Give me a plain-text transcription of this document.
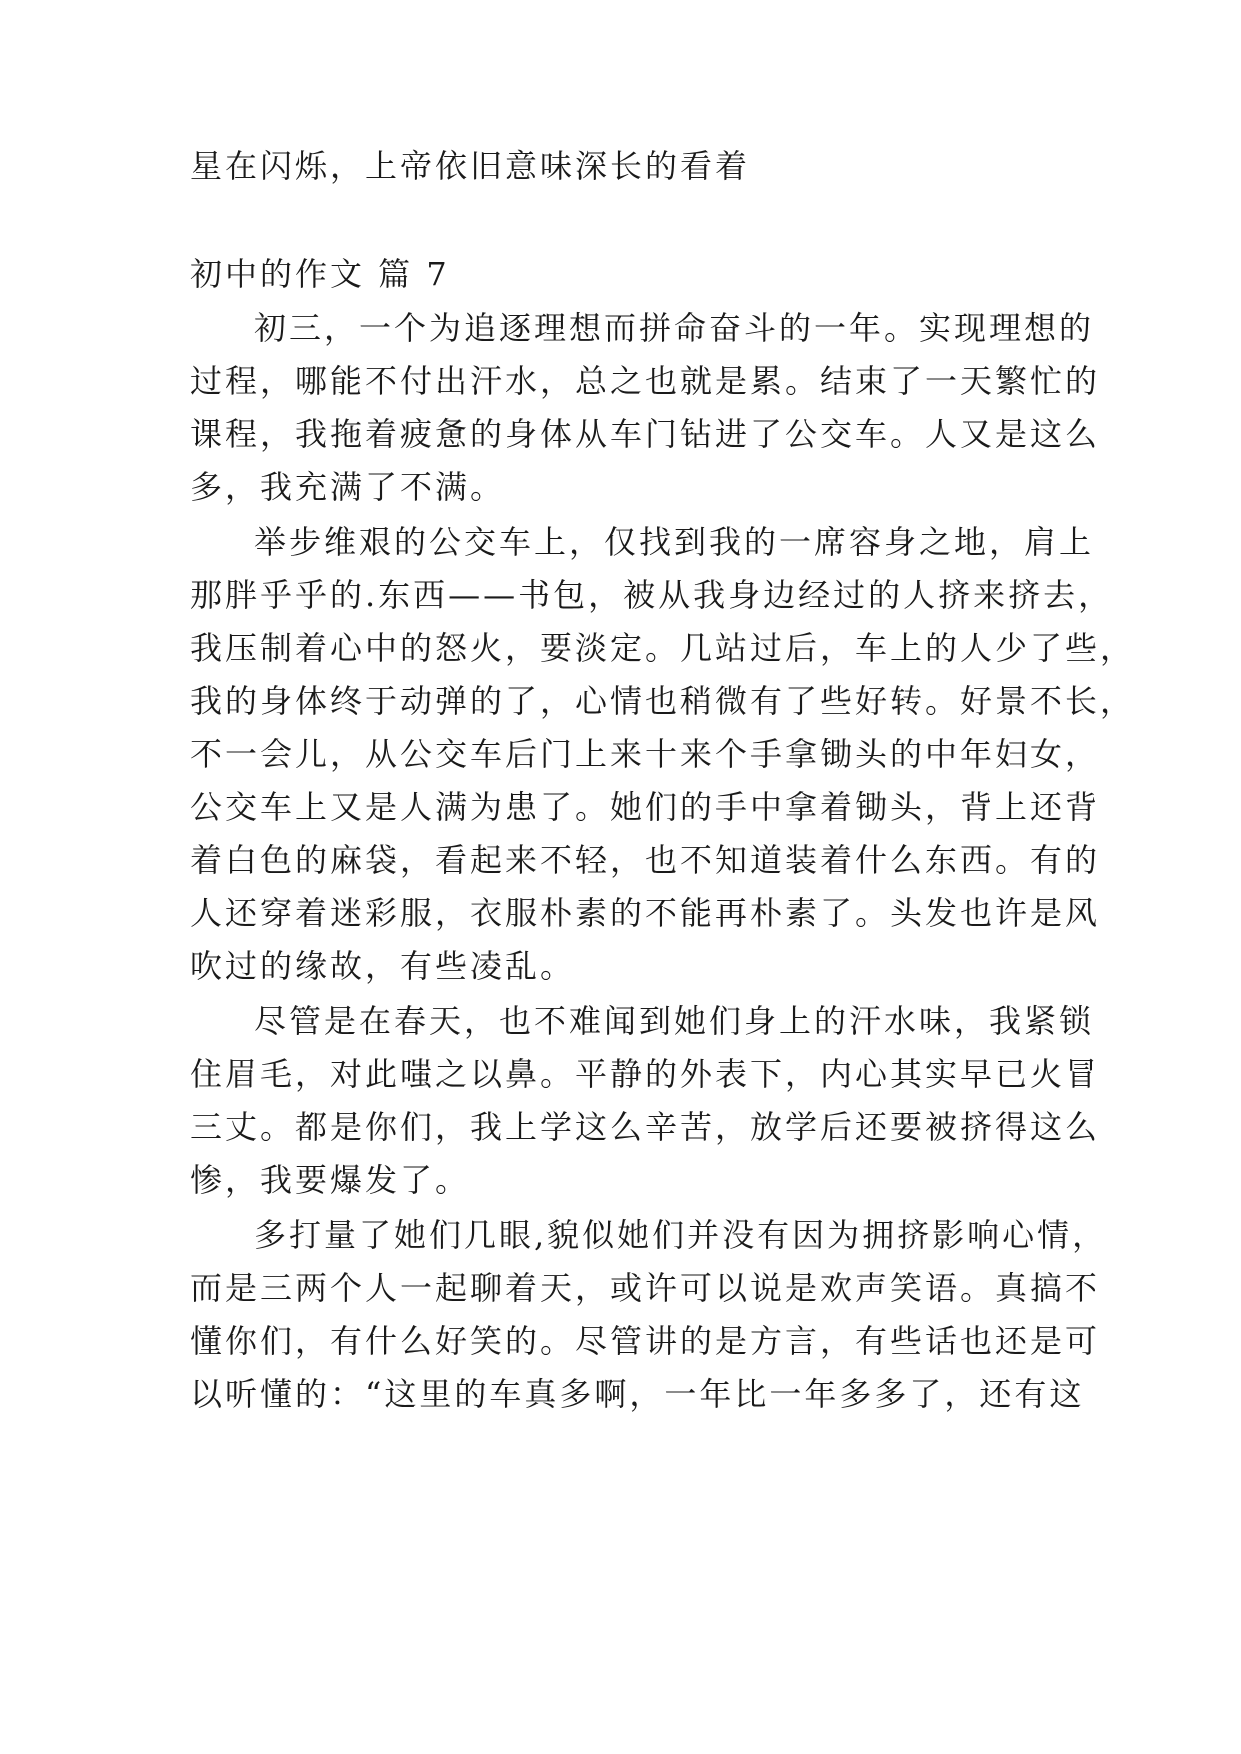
星在闪烁，上帝依旧意味深长的看着
初中的作文 篇 7
初三，一个为追逐理想而拼命奋斗的一年。实现理想的
过程，哪能不付出汗水，总之也就是累。结束了一天繁忙的
课程，我拖着疲惫的身体从车门钻进了公交车。人又是这么
多，我充满了不满。
举步维艰的公交车上，仅找到我的一席容身之地，肩上
那胖乎乎的.东西——书包，被从我身边经过的人挤来挤去，
我压制着心中的怒火，要淡定。几站过后，车上的人少了些，
我的身体终于动弹的了，心情也稍微有了些好转。好景不长，
不一会儿，从公交车后门上来十来个手拿锄头的中年妇女，
公交车上又是人满为患了。她们的手中拿着锄头，背上还背
着白色的麻袋，看起来不轻，也不知道装着什么东西。有的
人还穿着迷彩服，衣服朴素的不能再朴素了。头发也许是风
吹过的缘故，有些凌乱。
尽管是在春天，也不难闻到她们身上的汗水味，我紧锁
住眉毛，对此嗤之以鼻。平静的外表下，内心其实早已火冒
三丈。都是你们，我上学这么辛苦，放学后还要被挤得这么
惨，我要爆发了。
多打量了她们几眼,貌似她们并没有因为拥挤影响心情，
而是三两个人一起聊着天，或许可以说是欢声笑语。真搞不
懂你们，有什么好笑的。尽管讲的是方言，有些话也还是可
以听懂的：“这里的车真多啊，一年比一年多多了，还有这
